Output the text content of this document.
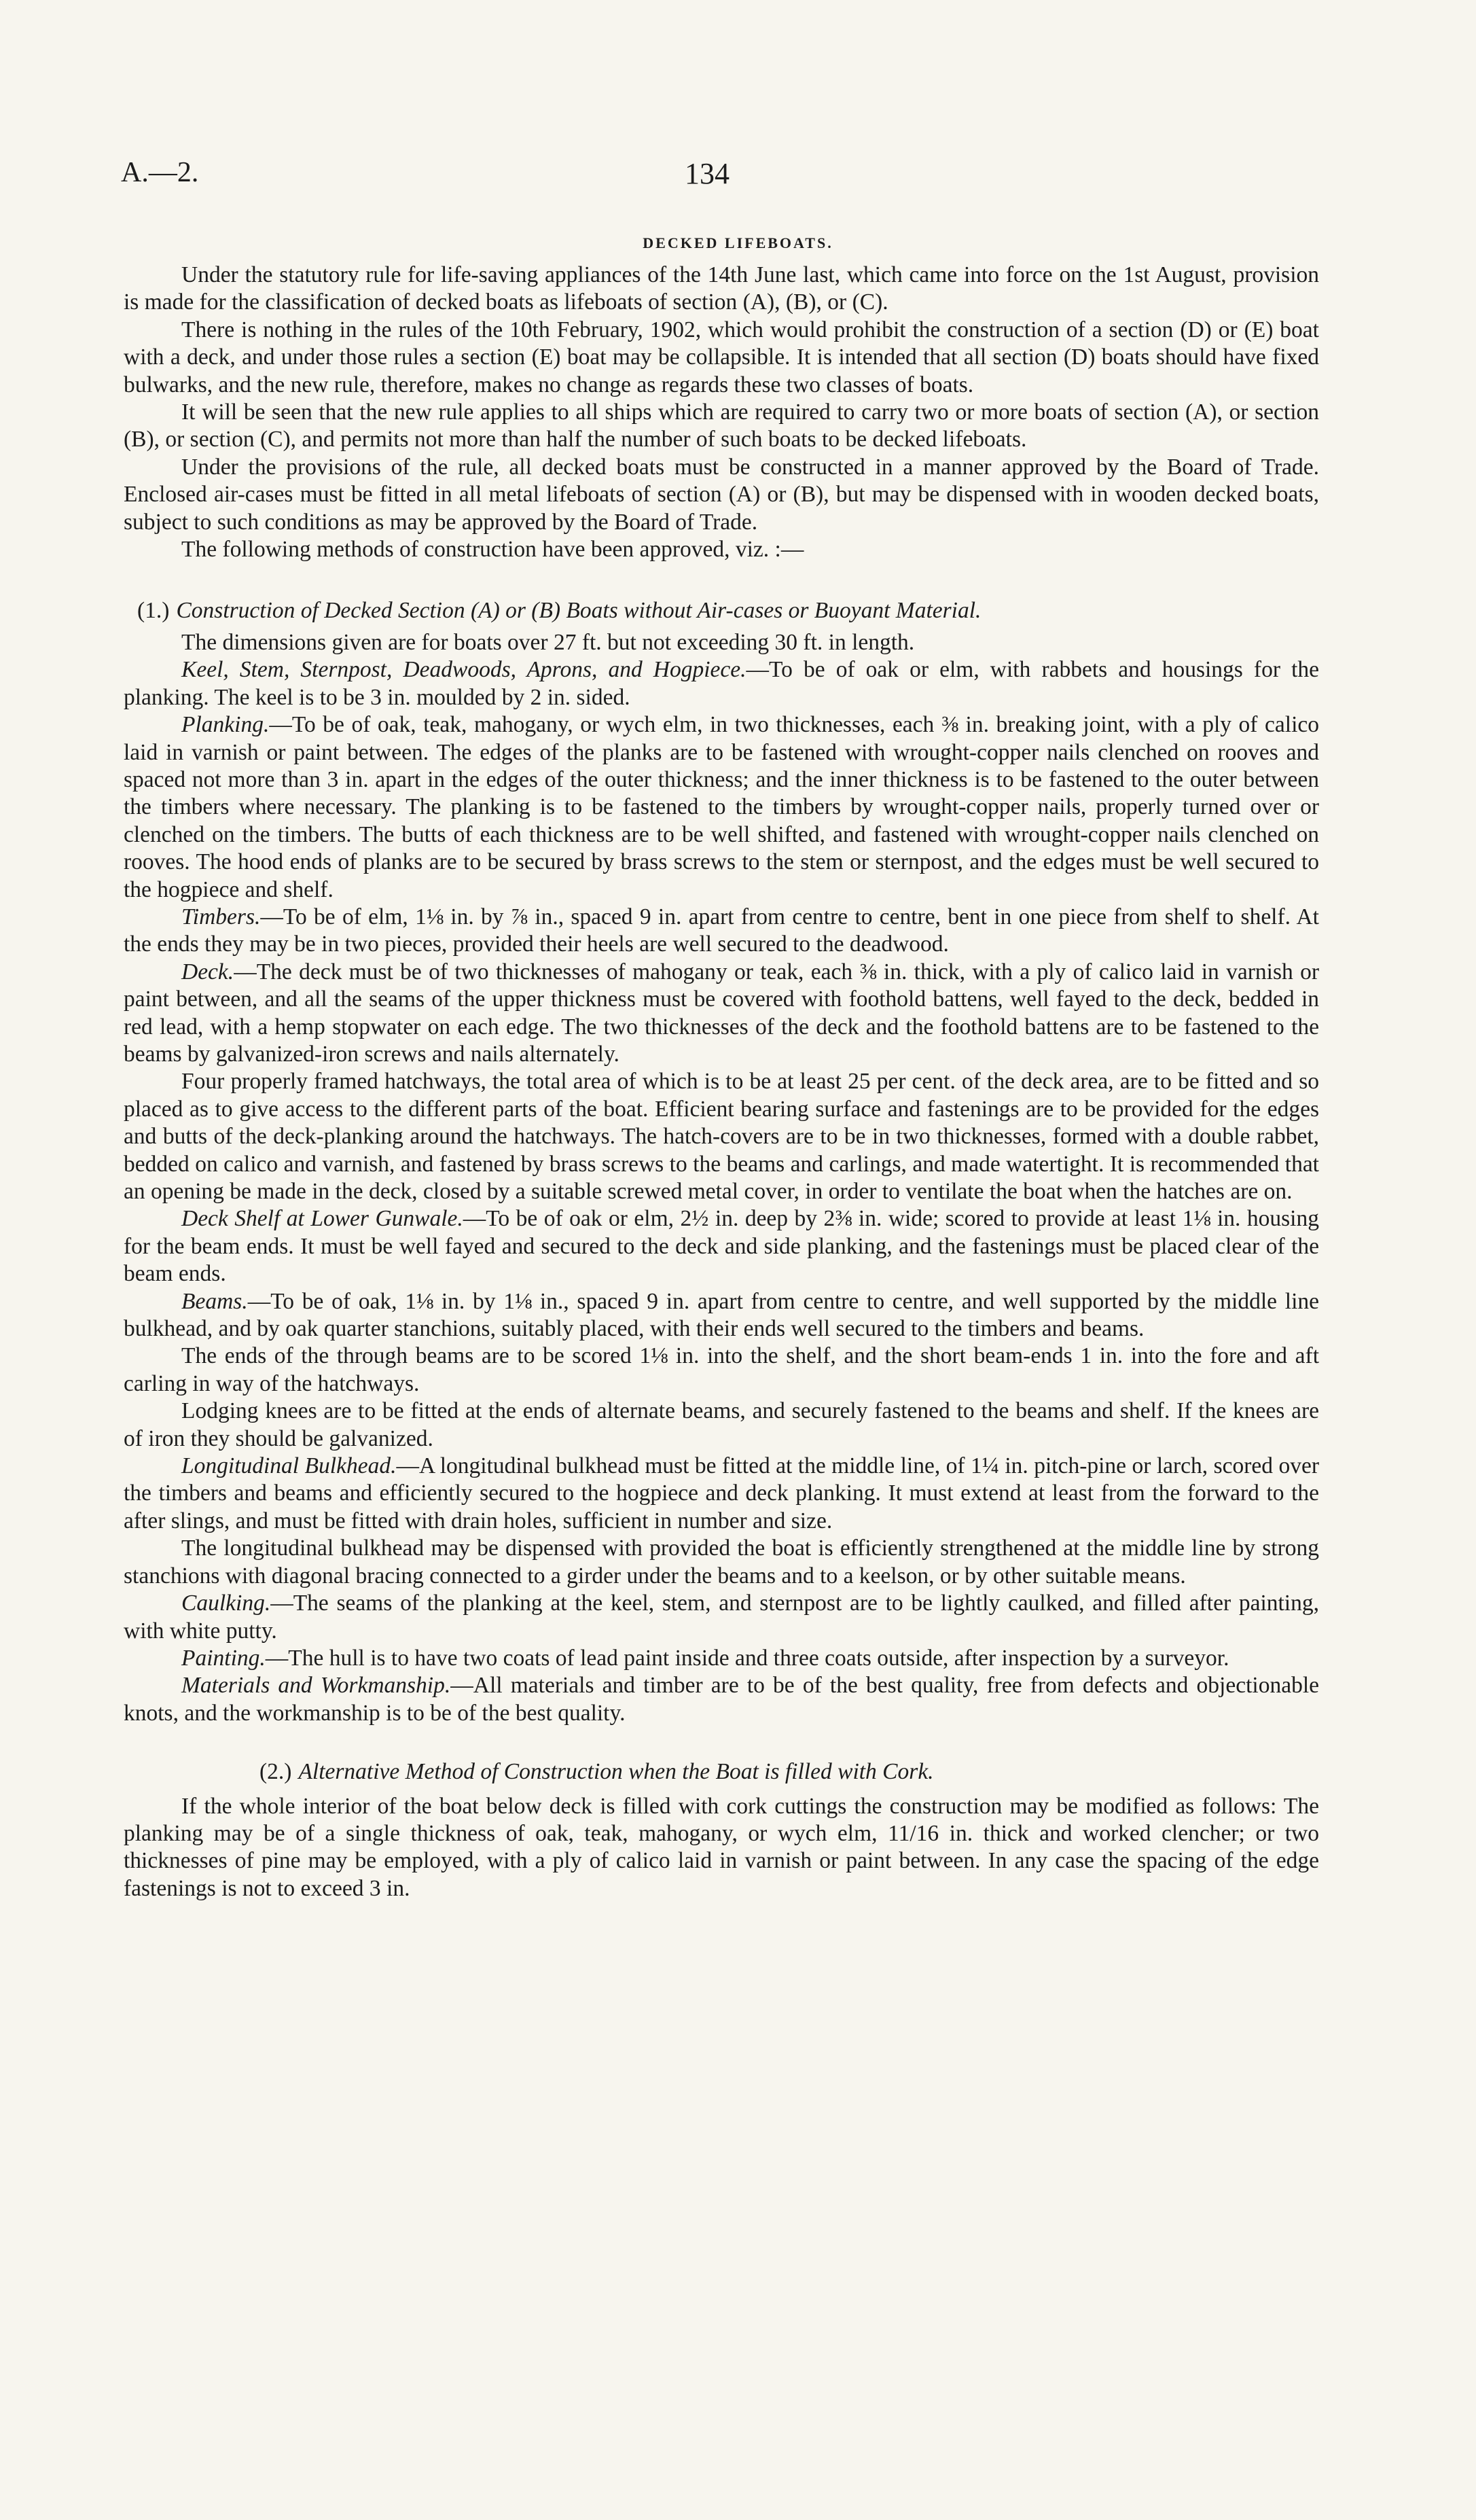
A.—2.	134
DECKED LIFEBOATS.

Under the statutory rule for life-saving appliances of the 14th June last, which came into force on the 1st August, provision is made for the classification of decked boats as lifeboats of section (A), (B), or (C).

There is nothing in the rules of the 10th February, 1902, which would prohibit the construction of a section (D) or (E) boat with a deck, and under those rules a section (E) boat may be collapsible. It is intended that all section (D) boats should have fixed bulwarks, and the new rule, therefore, makes no change as regards these two classes of boats.

It will be seen that the new rule applies to all ships which are required to carry two or more boats of section (A), or section (B), or section (C), and permits not more than half the number of such boats to be decked lifeboats.

Under the provisions of the rule, all decked boats must be constructed in a manner approved by the Board of Trade. Enclosed air-cases must be fitted in all metal lifeboats of section (A) or (B), but may be dispensed with in wooden decked boats, subject to such conditions as may be approved by the Board of Trade.

The following methods of construction have been approved, viz. :—

(1.) Construction of Decked Section (A) or (B) Boats without Air-cases or Buoyant Material.

The dimensions given are for boats over 27 ft. but not exceeding 30 ft. in length.

Keel, Stem, Sternpost, Deadwoods, Aprons, and Hogpiece.—To be of oak or elm, with rabbets and housings for the planking. The keel is to be 3 in. moulded by 2 in. sided.

Planking.—To be of oak, teak, mahogany, or wych elm, in two thicknesses, each ⅜ in. breaking joint, with a ply of calico laid in varnish or paint between. The edges of the planks are to be fastened with wrought-copper nails clenched on rooves and spaced not more than 3 in. apart in the edges of the outer thickness; and the inner thickness is to be fastened to the outer between the timbers where necessary. The planking is to be fastened to the timbers by wrought-copper nails, properly turned over or clenched on the timbers. The butts of each thickness are to be well shifted, and fastened with wrought-copper nails clenched on rooves. The hood ends of planks are to be secured by brass screws to the stem or sternpost, and the edges must be well secured to the hogpiece and shelf.

Timbers.—To be of elm, 1⅛ in. by ⅞ in., spaced 9 in. apart from centre to centre, bent in one piece from shelf to shelf. At the ends they may be in two pieces, provided their heels are well secured to the deadwood.

Deck.—The deck must be of two thicknesses of mahogany or teak, each ⅜ in. thick, with a ply of calico laid in varnish or paint between, and all the seams of the upper thickness must be covered with foothold battens, well fayed to the deck, bedded in red lead, with a hemp stopwater on each edge. The two thicknesses of the deck and the foothold battens are to be fastened to the beams by galvanized-iron screws and nails alternately.

Four properly framed hatchways, the total area of which is to be at least 25 per cent. of the deck area, are to be fitted and so placed as to give access to the different parts of the boat. Efficient bearing surface and fastenings are to be provided for the edges and butts of the deck-planking around the hatchways. The hatch-covers are to be in two thicknesses, formed with a double rabbet, bedded on calico and varnish, and fastened by brass screws to the beams and carlings, and made watertight. It is recommended that an opening be made in the deck, closed by a suitable screwed metal cover, in order to ventilate the boat when the hatches are on.

Deck Shelf at Lower Gunwale.—To be of oak or elm, 2½ in. deep by 2⅜ in. wide; scored to provide at least 1⅛ in. housing for the beam ends. It must be well fayed and secured to the deck and side planking, and the fastenings must be placed clear of the beam ends.

Beams.—To be of oak, 1⅛ in. by 1⅛ in., spaced 9 in. apart from centre to centre, and well supported by the middle line bulkhead, and by oak quarter stanchions, suitably placed, with their ends well secured to the timbers and beams.

The ends of the through beams are to be scored 1⅛ in. into the shelf, and the short beam-ends 1 in. into the fore and aft carling in way of the hatchways.

Lodging knees are to be fitted at the ends of alternate beams, and securely fastened to the beams and shelf. If the knees are of iron they should be galvanized.

Longitudinal Bulkhead.—A longitudinal bulkhead must be fitted at the middle line, of 1¼ in. pitch-pine or larch, scored over the timbers and beams and efficiently secured to the hogpiece and deck planking. It must extend at least from the forward to the after slings, and must be fitted with drain holes, sufficient in number and size.

The longitudinal bulkhead may be dispensed with provided the boat is efficiently strengthened at the middle line by strong stanchions with diagonal bracing connected to a girder under the beams and to a keelson, or by other suitable means.

Caulking.—The seams of the planking at the keel, stem, and sternpost are to be lightly caulked, and filled after painting, with white putty.

Painting.—The hull is to have two coats of lead paint inside and three coats outside, after inspection by a surveyor.

Materials and Workmanship.—All materials and timber are to be of the best quality, free from defects and objectionable knots, and the workmanship is to be of the best quality.

(2.) Alternative Method of Construction when the Boat is filled with Cork.

If the whole interior of the boat below deck is filled with cork cuttings the construction may be modified as follows: The planking may be of a single thickness of oak, teak, mahogany, or wych elm, 11/16 in. thick and worked clencher; or two thicknesses of pine may be employed, with a ply of calico laid in varnish or paint between. In any case the spacing of the edge fastenings is not to exceed 3 in.
